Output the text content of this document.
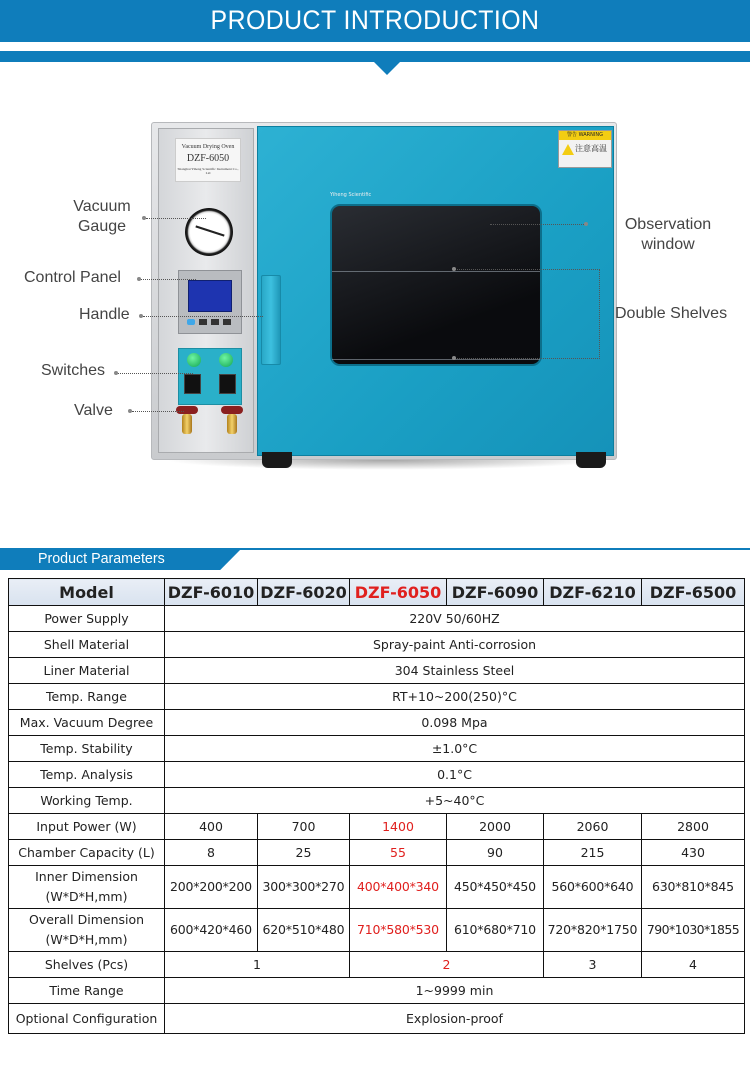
PRODUCT INTRODUCTION
Vacuum Drying Oven
DZF-6050
Shanghai Yiheng Scientific Instrument Co., Ltd
Yiheng Scientific
警告 WARNING
注意高温
Vacuum Gauge
Control Panel
Handle
Switches
Valve
Observation window
Double Shelves
Product Parameters
Model	DZF-6010	DZF-6020	DZF-6050	DZF-6090	DZF-6210	DZF-6500
Power Supply	220V 50/60HZ					
Shell Material	Spray-paint Anti-corrosion					
Liner Material	304 Stainless Steel					
Temp. Range	RT+10~200(250)°C					
Max. Vacuum Degree	0.098 Mpa					
Temp. Stability	±1.0°C					
Temp. Analysis	0.1°C					
Working Temp.	+5~40°C					
Input Power (W)	400	700	1400	2000	2060	2800
Chamber Capacity (L)	8	25	55	90	215	430

Inner Dimension
(W*D*H,mm)	200*200*200	300*300*270	400*400*340	450*450*450	560*600*640	630*810*845

Overall Dimension
(W*D*H,mm)	600*420*460	620*510*480	710*580*530	610*680*710	720*820*1750	790*1030*1855
Shelves (Pcs)	1		2		3	4
Time Range	1~9999 min					
Optional Configuration	Explosion-proof					
